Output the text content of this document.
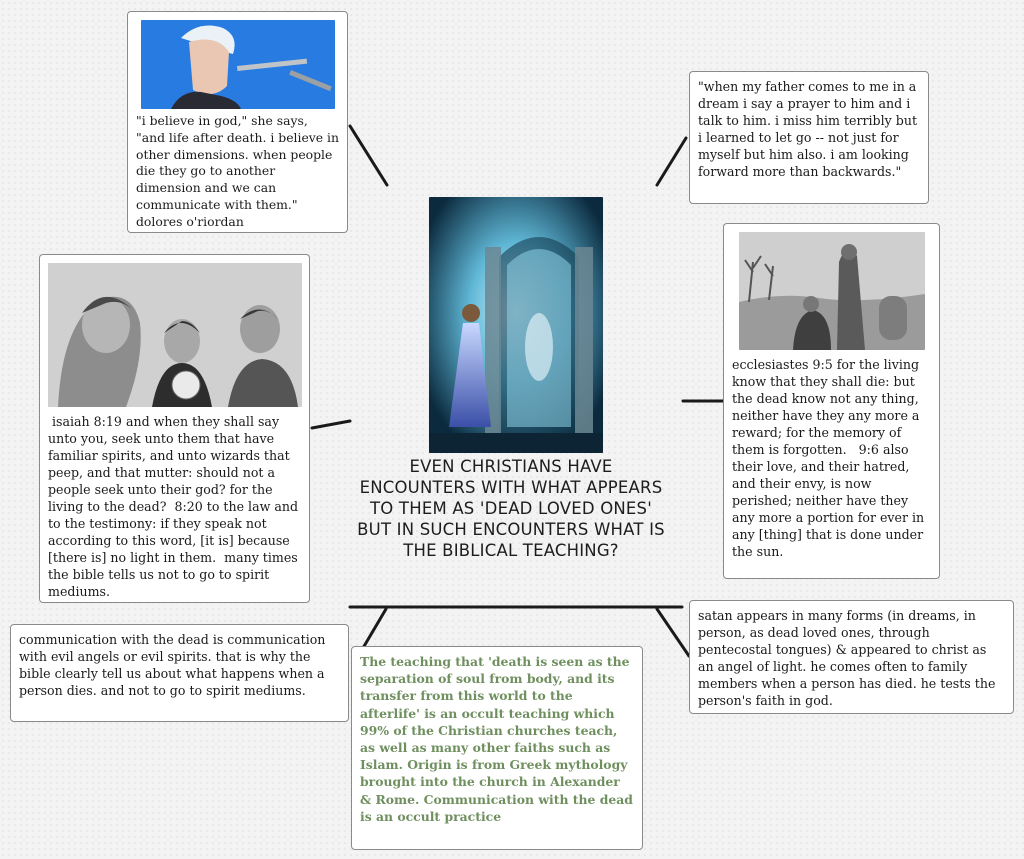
EVEN CHRISTIANS HAVE ENCOUNTERS WITH WHAT APPEARS TO THEM AS 'DEAD LOVED ONES' BUT IN SUCH ENCOUNTERS WHAT IS THE BIBLICAL TEACHING?

"i believe in god," she says, "and life after death. i believe in other dimensions. when people die they go to another dimension and we can communicate with them." dolores o'riordan

"when my father comes to me in a dream i say a prayer to him and i talk to him. i miss him terribly but i learned to let go -- not just for myself but him also. i am looking forward more than backwards."

isaiah 8:19 and when they shall say unto you, seek unto them that have familiar spirits, and unto wizards that peep, and that mutter: should not a people seek unto their god? for the living to the dead?  8:20 to the law and to the testimony: if they speak not according to this word, [it is] because [there is] no light in them.  many times the bible tells us not to go to spirit mediums.

ecclesiastes 9:5 for the living know that they shall die: but the dead know not any thing, neither have they any more a reward; for the memory of them is forgotten.   9:6 also their love, and their hatred, and their envy, is now perished; neither have they any more a portion for ever in any [thing] that is done under the sun.

communication with the dead is communication with evil angels or evil spirits. that is why the bible clearly tell us about what happens when a person dies. and not to go to spirit mediums.

The teaching that 'death is seen as the separation of soul from body, and its transfer from this world to the afterlife' is an occult teaching which 99% of the Christian churches teach, as well as many other faiths such as Islam. Origin is from Greek mythology brought into the church in Alexander & Rome. Communication with the dead is an occult practice

satan appears in many forms (in dreams, in person, as dead loved ones, through pentecostal tongues) & appeared to christ as an angel of light. he comes often to family members when a person has died. he tests the person's faith in god.
